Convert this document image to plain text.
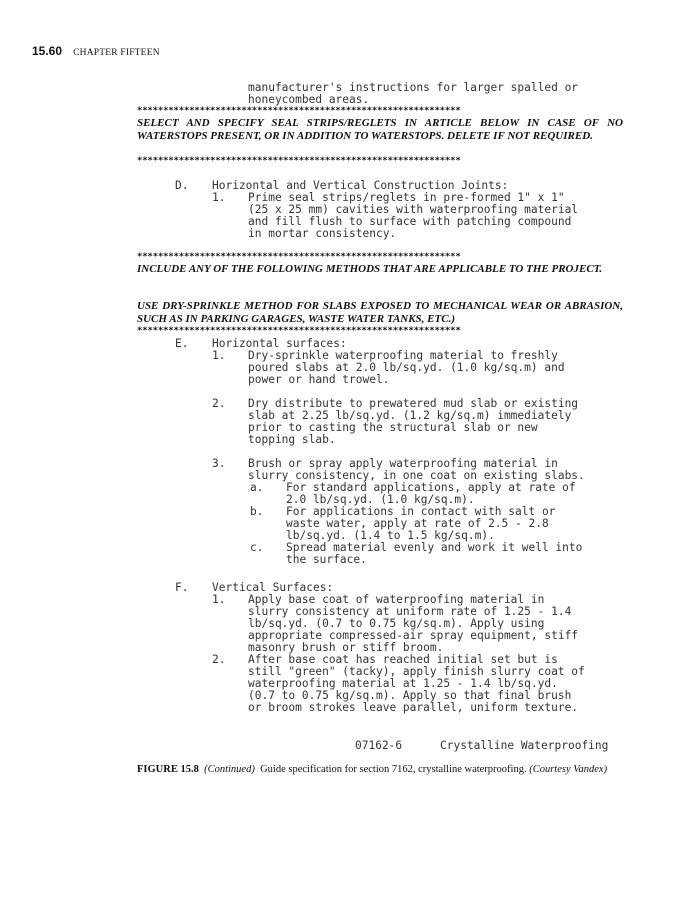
15.60 CHAPTER FIFTEEN
manufacturer's instructions for larger spalled or
honeycombed areas.
**************************************************************
SELECT AND SPECIFY SEAL STRIPS/REGLETS IN ARTICLE BELOW IN CASE OF NO WATERSTOPS PRESENT, OR IN ADDITION TO WATERSTOPS. DELETE IF NOT REQUIRED.
**************************************************************
D. Horizontal and Vertical Construction Joints:
1. Prime seal strips/reglets in pre-formed 1" x 1"
(25 x 25 mm) cavities with waterproofing material
and fill flush to surface with patching compound
in mortar consistency.
**************************************************************
INCLUDE ANY OF THE FOLLOWING METHODS THAT ARE APPLICABLE TO THE PROJECT.
USE DRY-SPRINKLE METHOD FOR SLABS EXPOSED TO MECHANICAL WEAR OR ABRASION, SUCH AS IN PARKING GARAGES, WASTE WATER TANKS, ETC.)
**************************************************************
E. Horizontal surfaces:
1. Dry-sprinkle waterproofing material to freshly
poured slabs at 2.0 lb/sq.yd. (1.0 kg/sq.m) and
power or hand trowel.
2. Dry distribute to prewatered mud slab or existing
slab at 2.25 lb/sq.yd. (1.2 kg/sq.m) immediately
prior to casting the structural slab or new
topping slab.
3. Brush or spray apply waterproofing material in
slurry consistency, in one coat on existing slabs.
a. For standard applications, apply at rate of
2.0 lb/sq.yd. (1.0 kg/sq.m).
b. For applications in contact with salt or
waste water, apply at rate of 2.5 - 2.8
lb/sq.yd. (1.4 to 1.5 kg/sq.m).
c. Spread material evenly and work it well into
the surface.
F. Vertical Surfaces:
1. Apply base coat of waterproofing material in
slurry consistency at uniform rate of 1.25 - 1.4
lb/sq.yd. (0.7 to 0.75 kg/sq.m). Apply using
appropriate compressed-air spray equipment, stiff
masonry brush or stiff broom.
2. After base coat has reached initial set but is
still "green" (tacky), apply finish slurry coat of
waterproofing material at 1.25 - 1.4 lb/sq.yd.
(0.7 to 0.75 kg/sq.m). Apply so that final brush
or broom strokes leave parallel, uniform texture.
07162-6	Crystalline Waterproofing
FIGURE 15.8 (Continued) Guide specification for section 7162, crystalline waterproofing. (Courtesy Vandex)
